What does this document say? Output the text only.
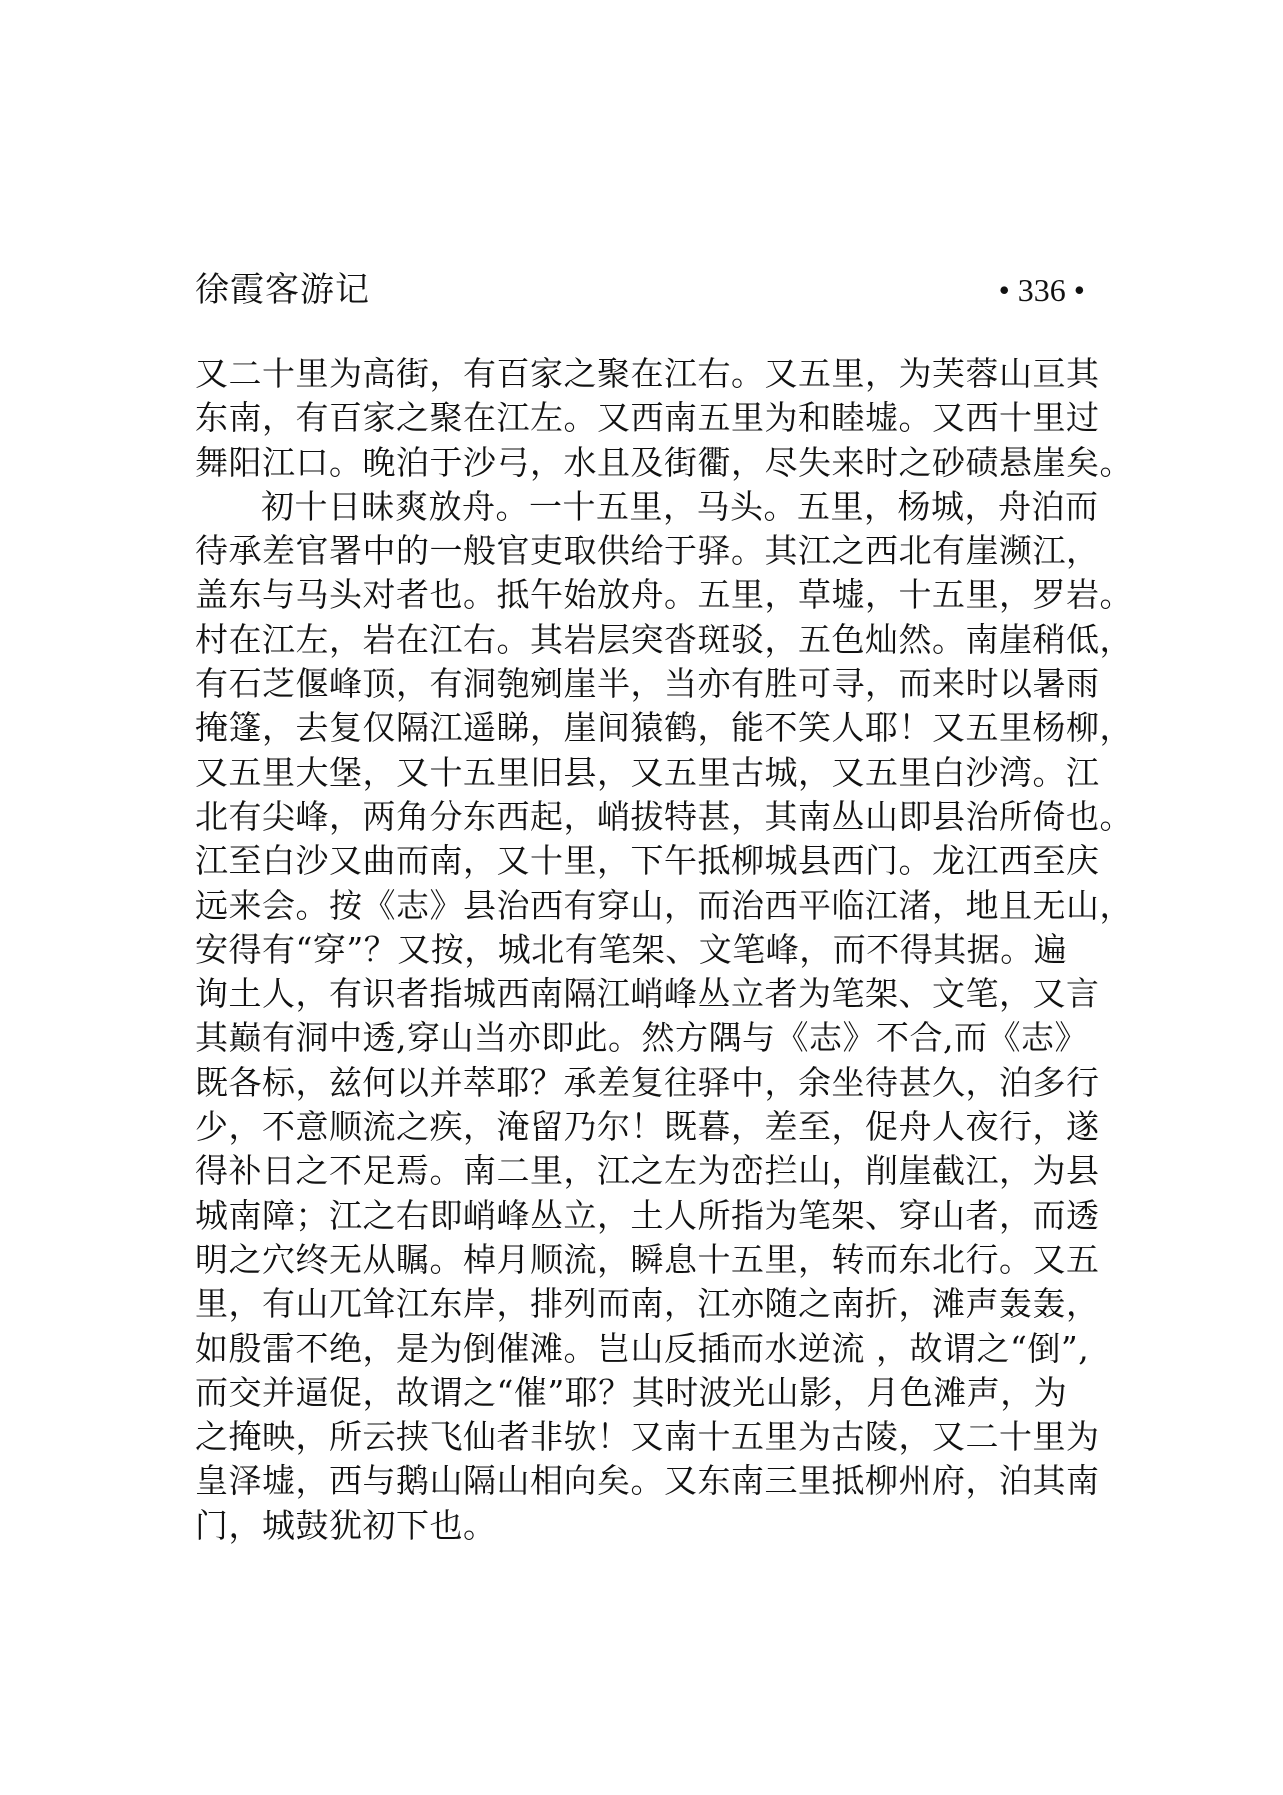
徐霞客游记	• 336 •
又二十里为高街，有百家之聚在江右。又五里，为芙蓉山亘其
东南，有百家之聚在江左。又西南五里为和睦墟。又西十里过
舞阳江口。晚泊于沙弓，水且及街衢，尽失来时之砂碛悬崖矣。
初十日昧爽放舟。一十五里，马头。五里，杨城，舟泊而
待承差官署中的一般官吏取供给于驿。其江之西北有崖濒江，
盖东与马头对者也。抵午始放舟。五里，草墟，十五里，罗岩。
村在江左，岩在江右。其岩层突沓斑驳，五色灿然。南崖稍低，
有石芝偃峰顶，有洞匏剜崖半，当亦有胜可寻，而来时以暑雨
掩篷，去复仅隔江遥睇，崖间猿鹤，能不笑人耶！又五里杨柳，
又五里大堡，又十五里旧县，又五里古城，又五里白沙湾。江
北有尖峰，两角分东西起，峭拔特甚，其南丛山即县治所倚也。
江至白沙又曲而南，又十里，下午抵柳城县西门。龙江西至庆
远来会。按《志》县治西有穿山，而治西平临江渚，地且无山，
安得有“穿”？又按，城北有笔架、文笔峰，而不得其据。遍
询土人，有识者指城西南隔江峭峰丛立者为笔架、文笔，又言
其巅有洞中透,穿山当亦即此。然方隅与《志》不合,而《志》
既各标，兹何以并萃耶？承差复往驿中，余坐待甚久，泊多行
少，不意顺流之疾，淹留乃尔！既暮，差至，促舟人夜行，遂
得补日之不足焉。南二里，江之左为峦拦山，削崖截江，为县
城南障；江之右即峭峰丛立，土人所指为笔架、穿山者，而透
明之穴终无从瞩。棹月顺流，瞬息十五里，转而东北行。又五
里，有山兀耸江东岸，排列而南，江亦随之南折，滩声轰轰，
如殷雷不绝，是为倒催滩。岂山反插而水逆流 ，故谓之“倒”,
而交并逼促，故谓之“催”耶？其时波光山影，月色滩声，为
之掩映，所云挟飞仙者非欤！又南十五里为古陵，又二十里为
皇泽墟，西与鹅山隔山相向矣。又东南三里抵柳州府，泊其南
门，城鼓犹初下也。
